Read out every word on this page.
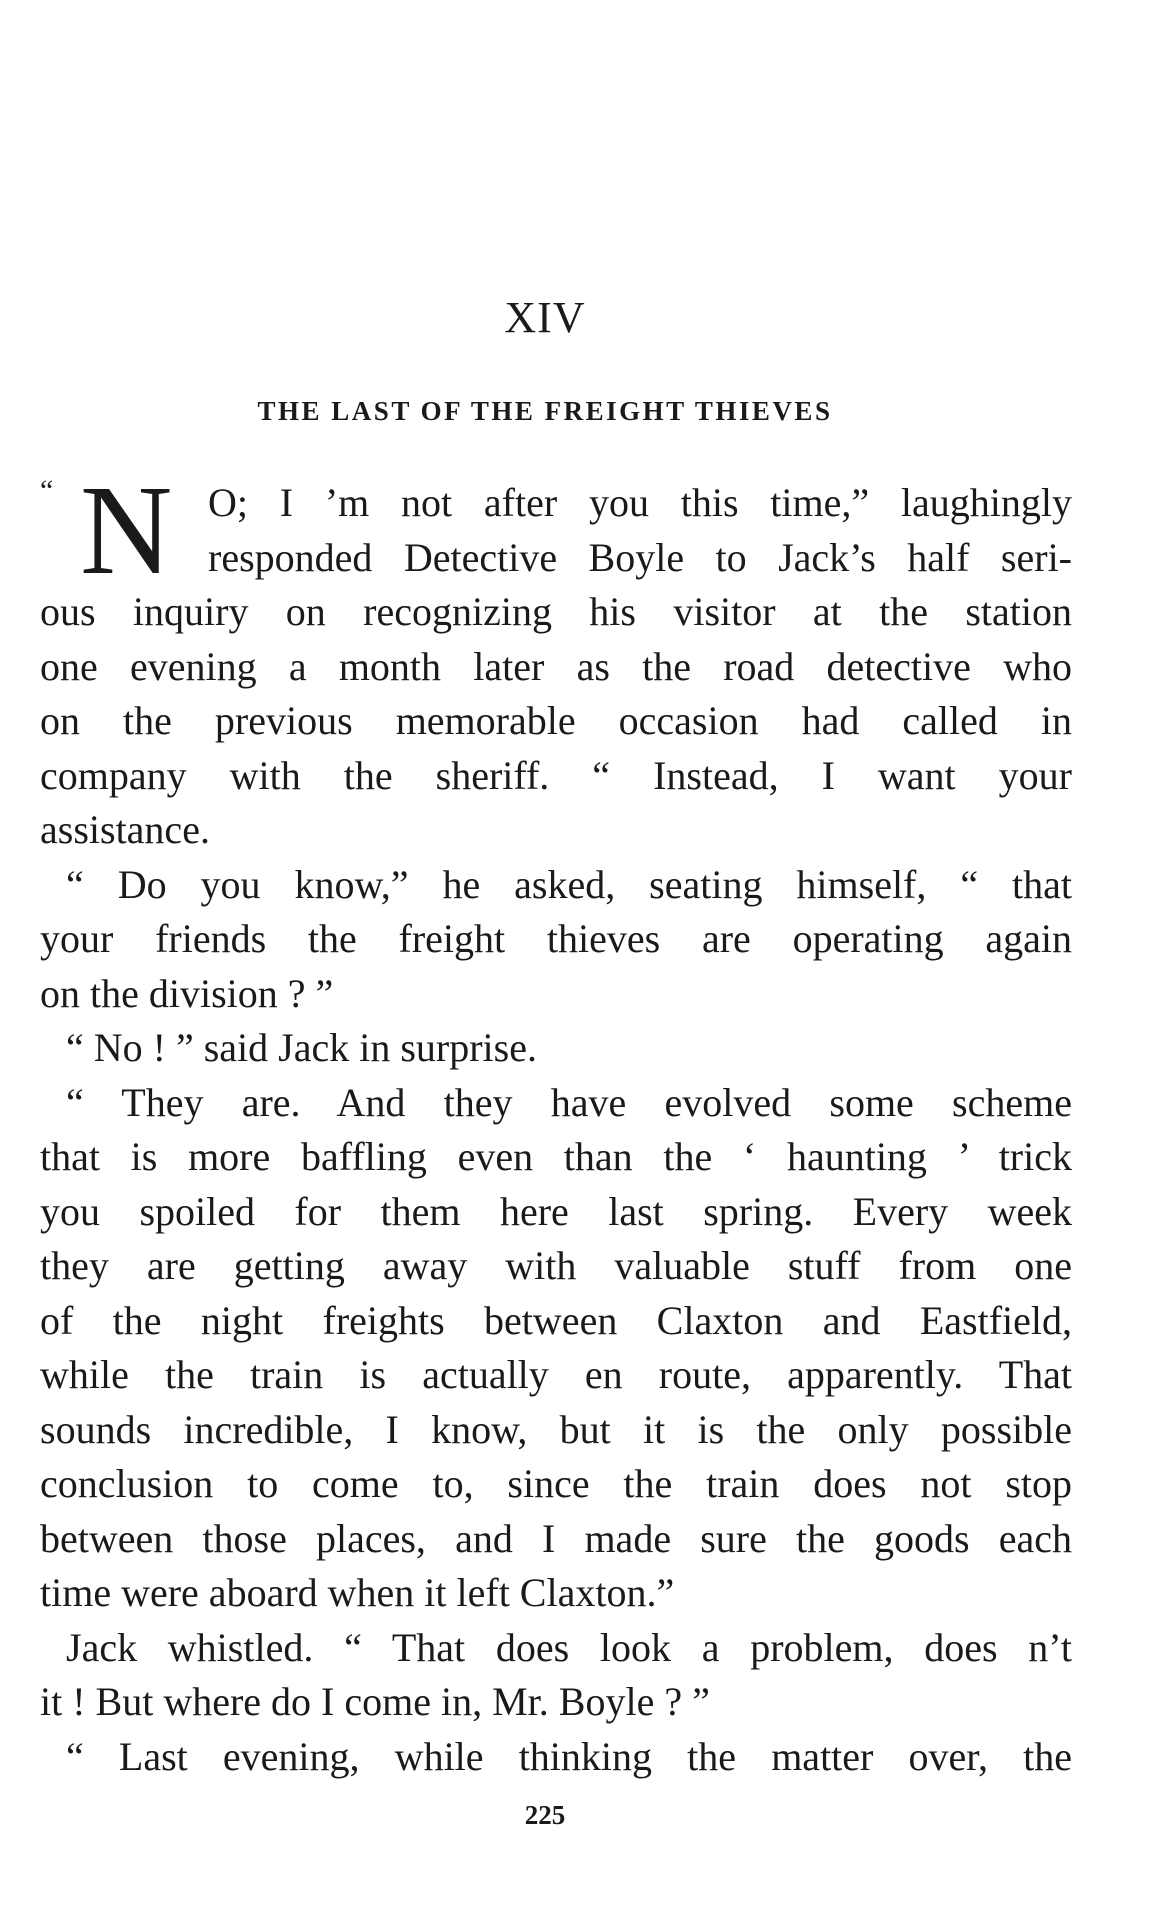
XIV
THE LAST OF THE FREIGHT THIEVES
“ N O; I ’m not after you this time,” laughingly
responded Detective Boyle to Jack’s half seri-
ous inquiry on recognizing his visitor at the station
one evening a month later as the road detective who
on the previous memorable occasion had called in
company with the sheriff. “ Instead, I want your
assistance.
“ Do you know,” he asked, seating himself, “ that
your friends the freight thieves are operating again
on the division ? ”
“ No ! ” said Jack in surprise.
“ They are. And they have evolved some scheme
that is more baffling even than the ‘ haunting ’ trick
you spoiled for them here last spring. Every week
they are getting away with valuable stuff from one
of the night freights between Claxton and Eastfield,
while the train is actually en route, apparently. That
sounds incredible, I know, but it is the only possible
conclusion to come to, since the train does not stop
between those places, and I made sure the goods each
time were aboard when it left Claxton.”
Jack whistled. “ That does look a problem, does n’t
it ! But where do I come in, Mr. Boyle ? ”
“ Last evening, while thinking the matter over, the
225
